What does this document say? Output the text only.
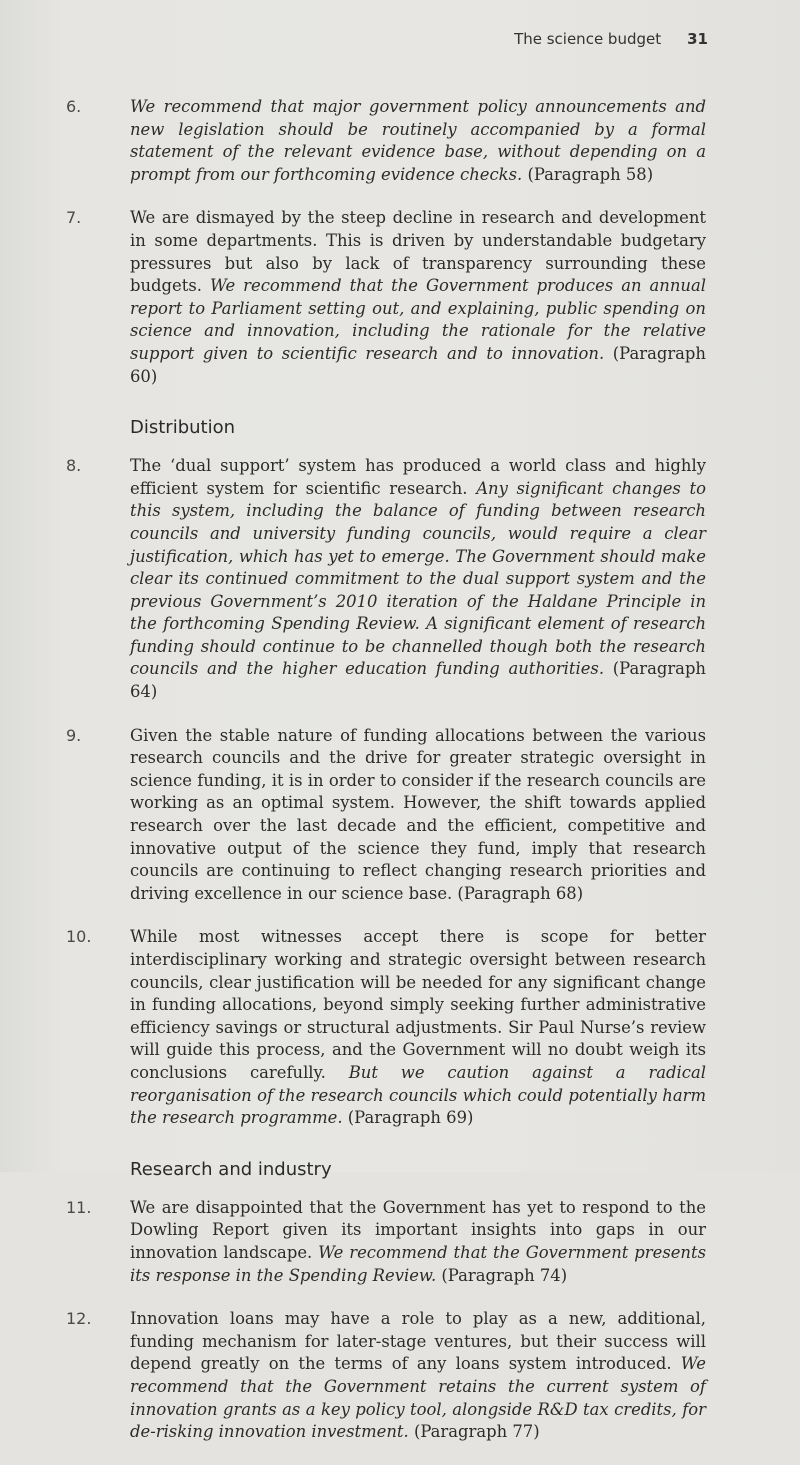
The science budget 31
6.	We recommend that major government policy announcements and new legislation should be routinely accompanied by a formal statement of the relevant evidence base, without depending on a prompt from our forthcoming evidence checks. (Paragraph 58)
7.	We are dismayed by the steep decline in research and development in some departments. This is driven by understandable budgetary pressures but also by lack of transparency surrounding these budgets. We recommend that the Government produces an annual report to Parliament setting out, and explaining, public spending on science and innovation, including the rationale for the relative support given to scientific research and to innovation. (Paragraph 60)
Distribution
8.	The ‘dual support’ system has produced a world class and highly efficient system for scientific research. Any significant changes to this system, including the balance of funding between research councils and university funding councils, would require a clear justification, which has yet to emerge. The Government should make clear its continued commitment to the dual support system and the previous Government’s 2010 iteration of the Haldane Principle in the forthcoming Spending Review. A significant element of research funding should continue to be channelled though both the research councils and the higher education funding authorities. (Paragraph 64)
9.	Given the stable nature of funding allocations between the various research councils and the drive for greater strategic oversight in science funding, it is in order to consider if the research councils are working as an optimal system. However, the shift towards applied research over the last decade and the efficient, competitive and innovative output of the science they fund, imply that research councils are continuing to reflect changing research priorities and driving excellence in our science base. (Paragraph 68)
10. While most witnesses accept there is scope for better interdisciplinary working and strategic oversight between research councils, clear justification will be needed for any significant change in funding allocations, beyond simply seeking further administrative efficiency savings or structural adjustments. Sir Paul Nurse’s review will guide this process, and the Government will no doubt weigh its conclusions carefully. But we caution against a radical reorganisation of the research councils which could potentially harm the research programme. (Paragraph 69)
Research and industry
11. We are disappointed that the Government has yet to respond to the Dowling Report given its important insights into gaps in our innovation landscape. We recommend that the Government presents its response in the Spending Review. (Paragraph 74)
12. Innovation loans may have a role to play as a new, additional, funding mechanism for later-stage ventures, but their success will depend greatly on the terms of any loans system introduced. We recommend that the Government retains the current system of innovation grants as a key policy tool, alongside R&D tax credits, for de-risking innovation investment. (Paragraph 77)
